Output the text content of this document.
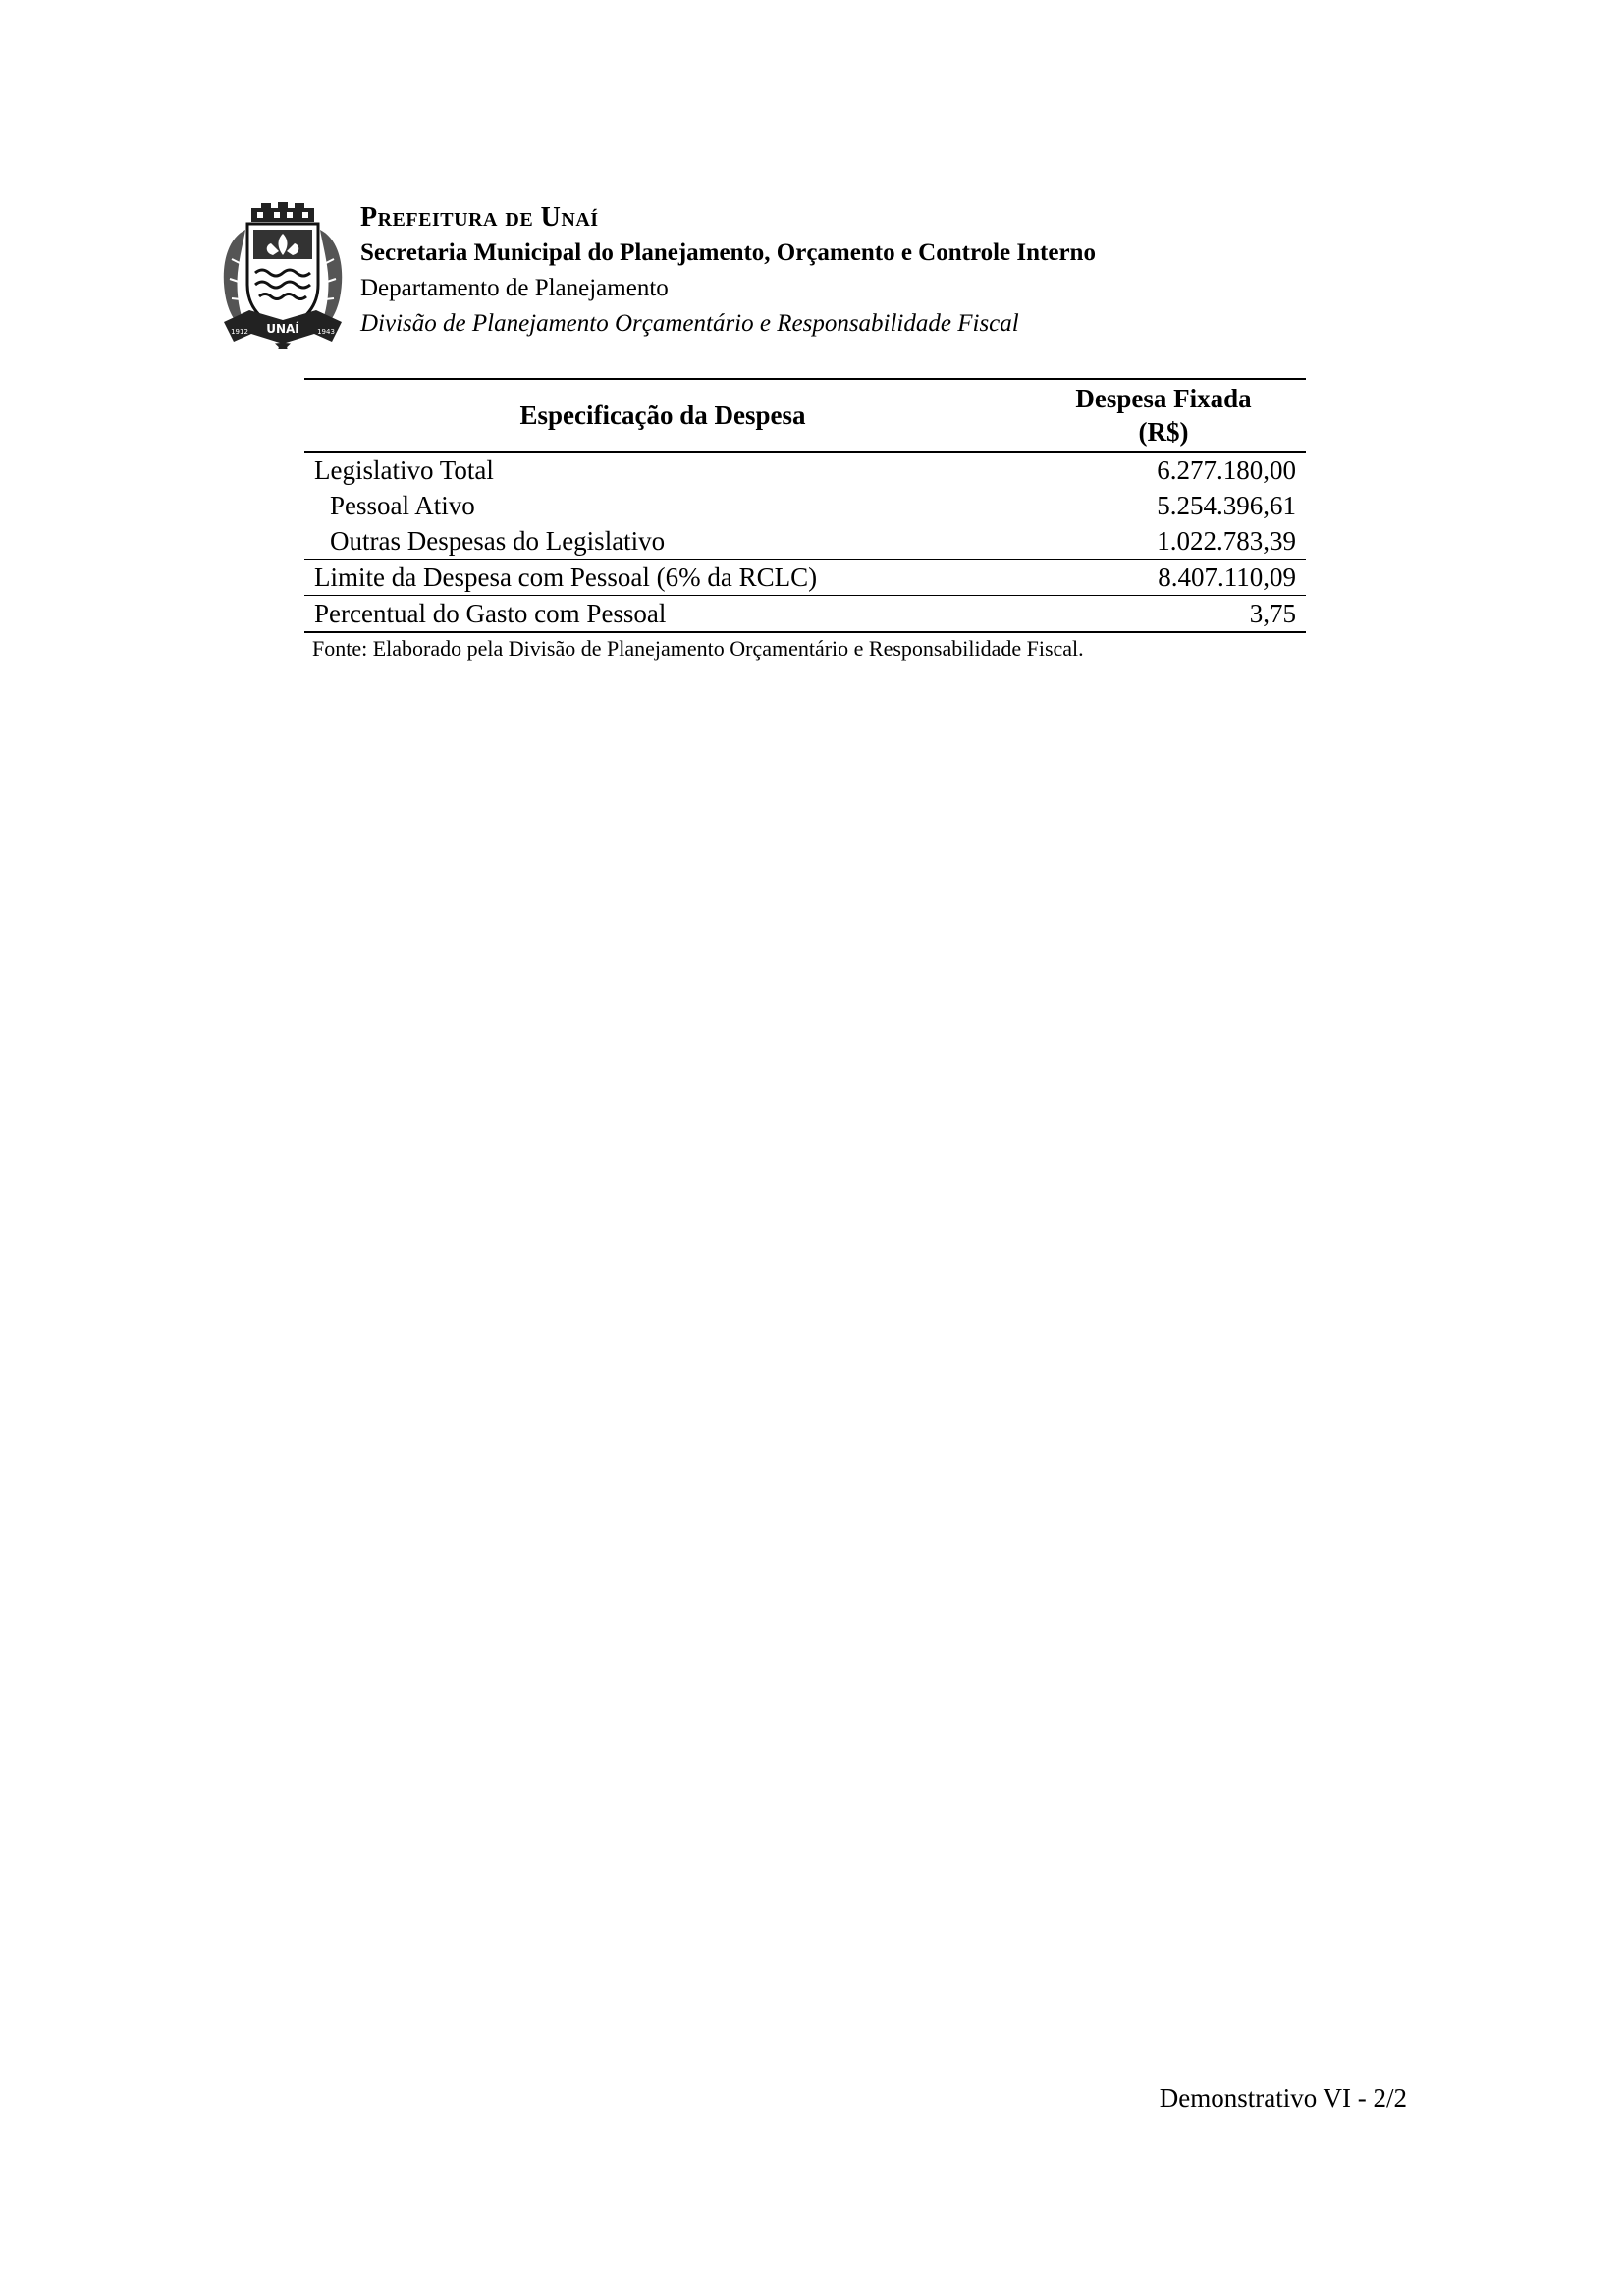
UNAÍ
1912	1943

Prefeitura de Unaí

Secretaria Municipal do Planejamento, Orçamento e Controle Interno

Departamento de Planejamento

Divisão de Planejamento Orçamentário e Responsabilidade Fiscal

Especificação da Despesa	Despesa Fixada
(R$)

Legislativo Total	6.277.180,00
Pessoal Ativo	5.254.396,61
Outras Despesas do Legislativo	1.022.783,39
Limite da Despesa com Pessoal (6% da RCLC)	8.407.110,09
Percentual do Gasto com Pessoal	3,75

Fonte: Elaborado pela Divisão de Planejamento Orçamentário e Responsabilidade Fiscal.

Demonstrativo VI - 2/2
